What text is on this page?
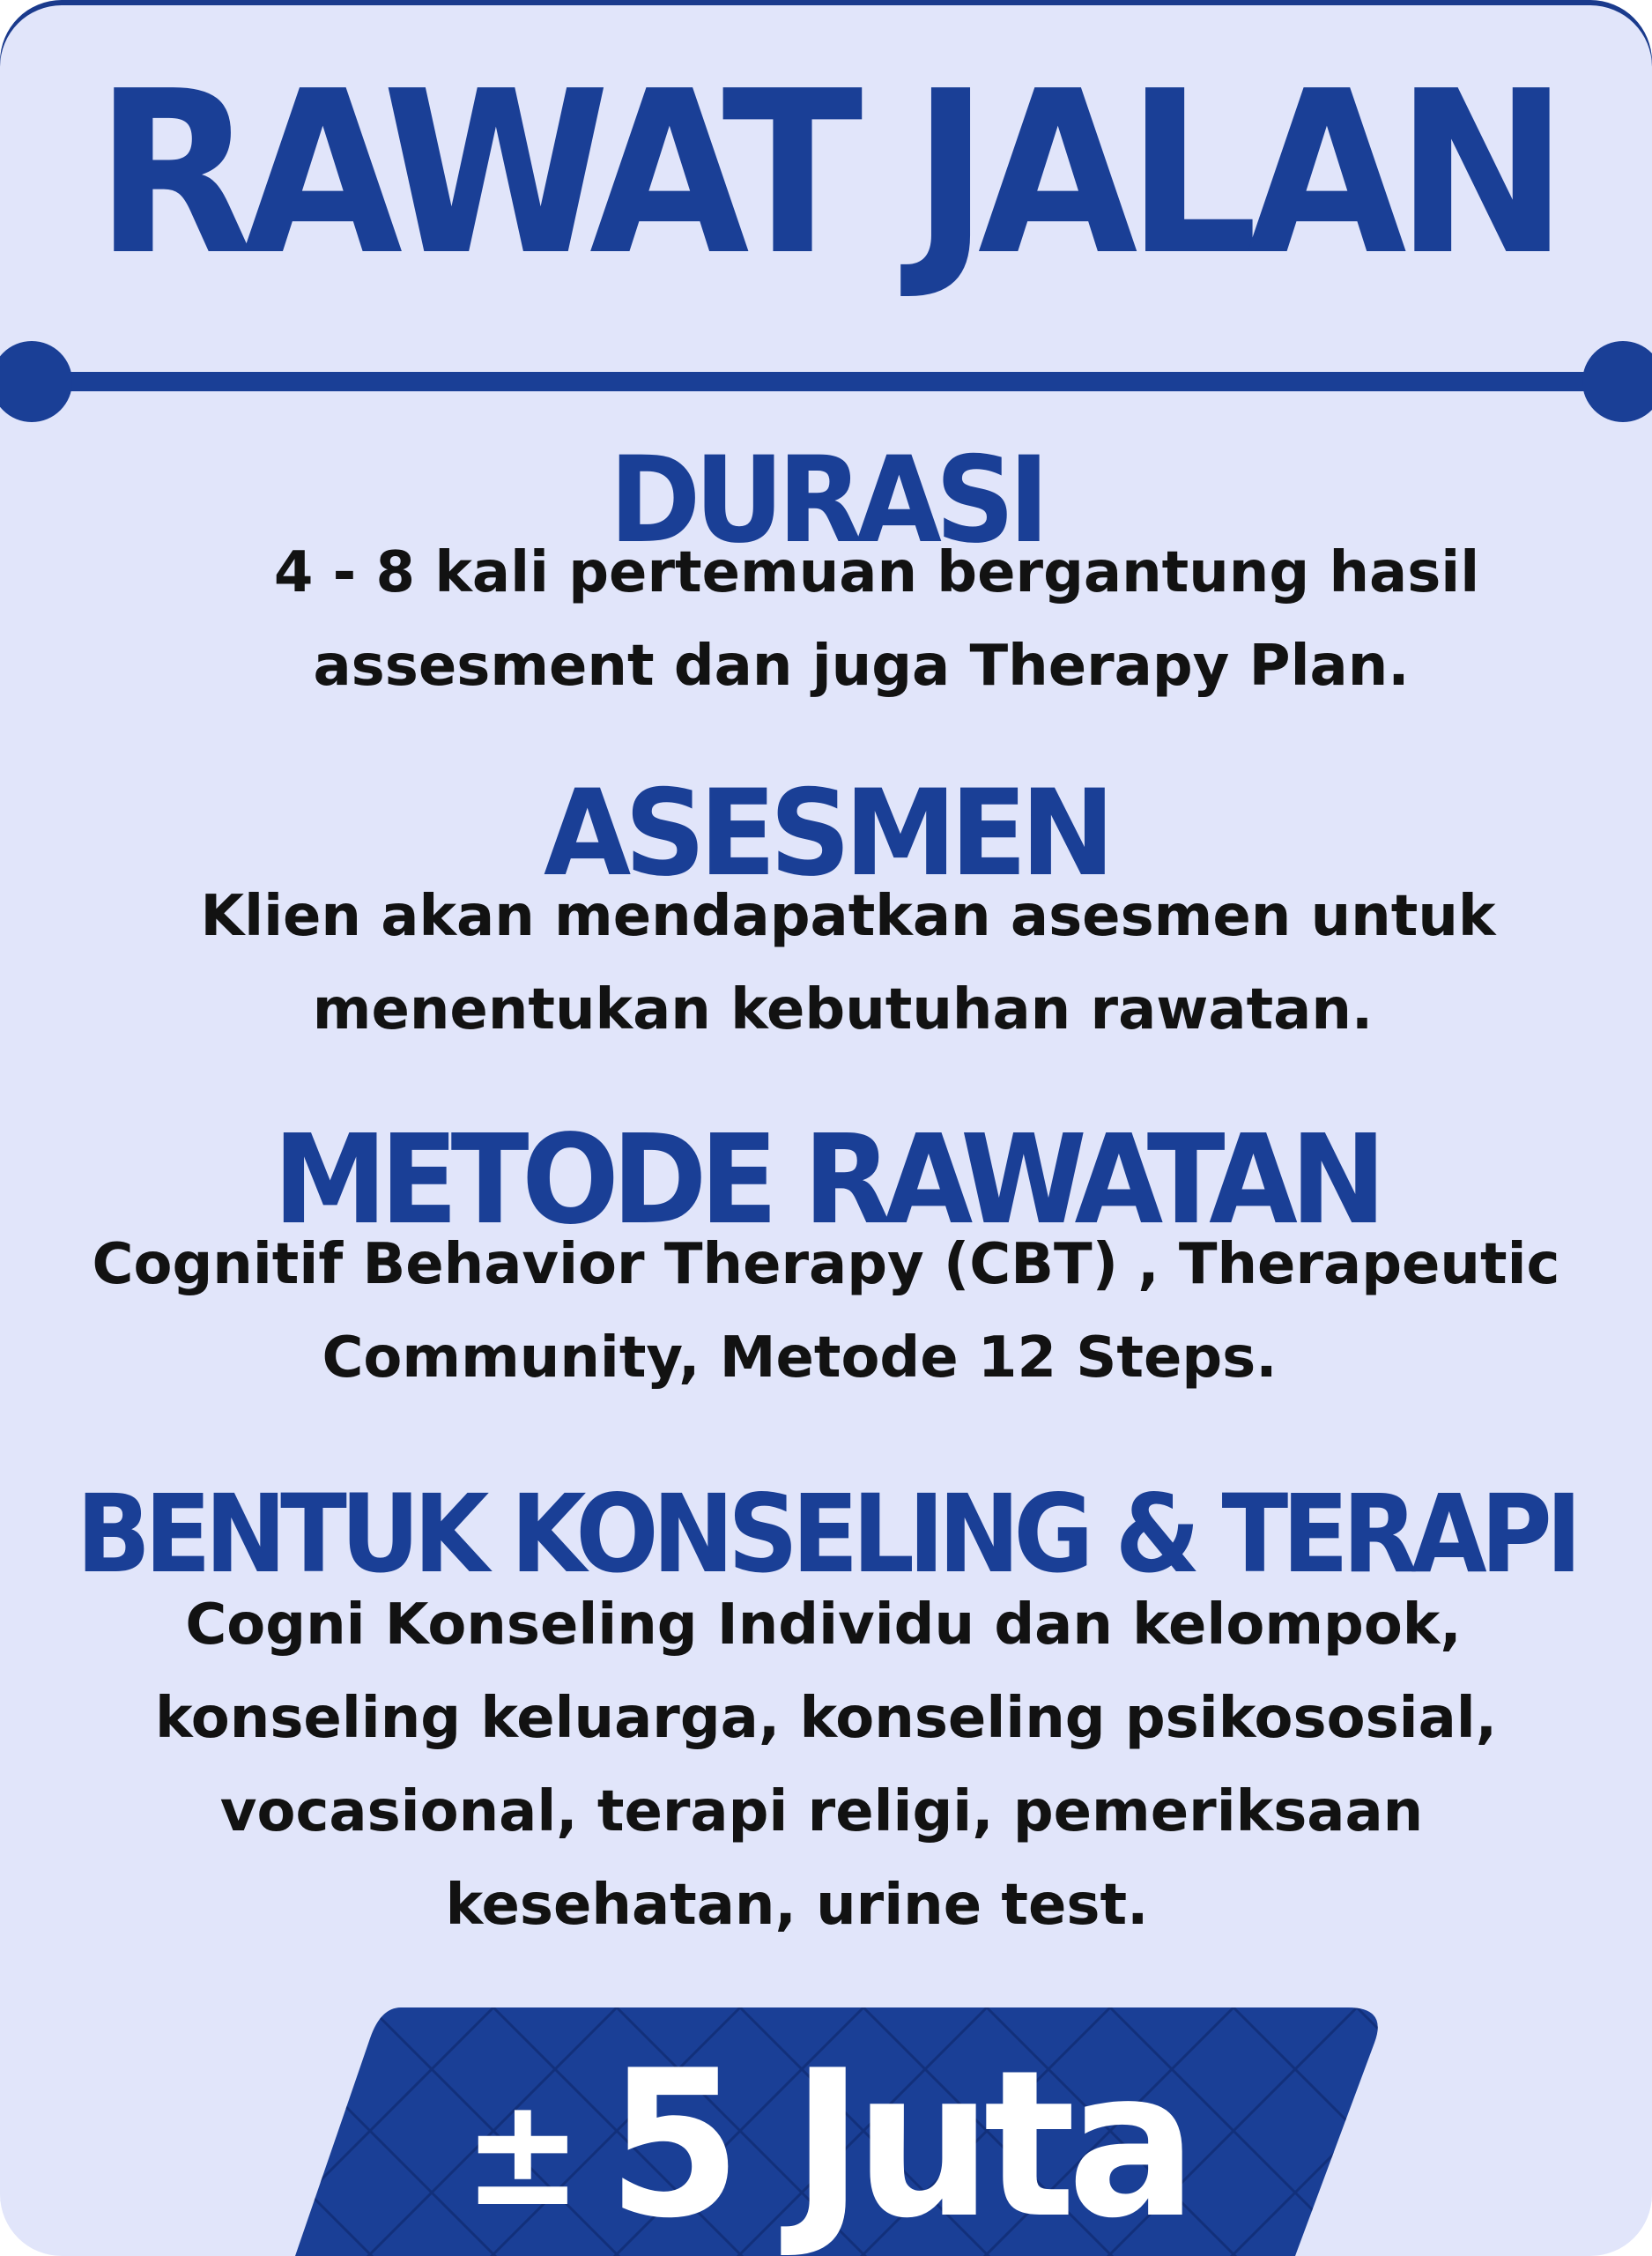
RAWAT JALAN
DURASI
4 - 8 kali pertemuan bergantung hasil
assesment dan juga Therapy Plan.
ASESMEN
Klien akan mendapatkan asesmen untuk
menentukan kebutuhan rawatan.
METODE RAWATAN
Cognitif Behavior Therapy (CBT) , Therapeutic
Community, Metode 12 Steps.
BENTUK KONSELING & TERAPI
Cogni Konseling Individu dan kelompok,
konseling keluarga, konseling psikososial,
vocasional, terapi religi, pemeriksaan
kesehatan, urine test.
± 5 Juta
